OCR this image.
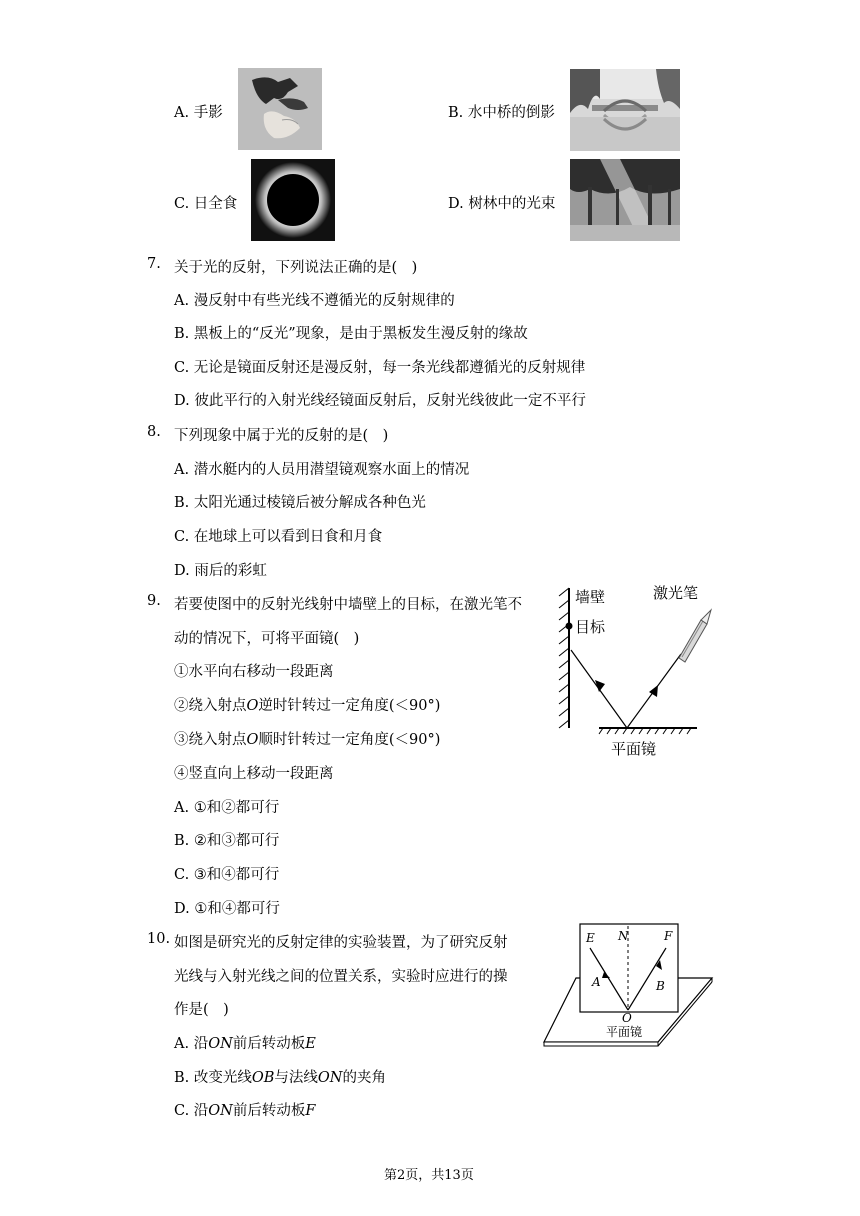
A. 手影	B. 水中桥的倒影
C. 日全食	D. 树林中的光束
7. 关于光的反射，下列说法正确的是(　)
A. 漫反射中有些光线不遵循光的反射规律的
B. 黑板上的“反光”现象，是由于黑板发生漫反射的缘故
C. 无论是镜面反射还是漫反射，每一条光线都遵循光的反射规律
D. 彼此平行的入射光线经镜面反射后，反射光线彼此一定不平行
8. 下列现象中属于光的反射的是(　)
A. 潜水艇内的人员用潜望镜观察水面上的情况
B. 太阳光通过棱镜后被分解成各种色光
C. 在地球上可以看到日食和月食
D. 雨后的彩虹
9. 若要使图中的反射光线射中墙壁上的目标，在激光笔不
动的情况下，可将平面镜(　)
①水平向右移动一段距离
②绕入射点O逆时针转过一定角度(＜90°)
③绕入射点O顺时针转过一定角度(＜90°)
④竖直向上移动一段距离
A. ①和②都可行
B. ②和③都可行
C. ③和④都可行
D. ①和④都可行
墙壁
目标
激光笔
平面镜
10. 如图是研究光的反射定律的实验装置，为了研究反射
光线与入射光线之间的位置关系，实验时应进行的操
作是(　)
A. 沿ON前后转动板E
B. 改变光线OB与法线ON的夹角
C. 沿ON前后转动板F
E N	F
A	B
O
平面镜
第2页，共13页
